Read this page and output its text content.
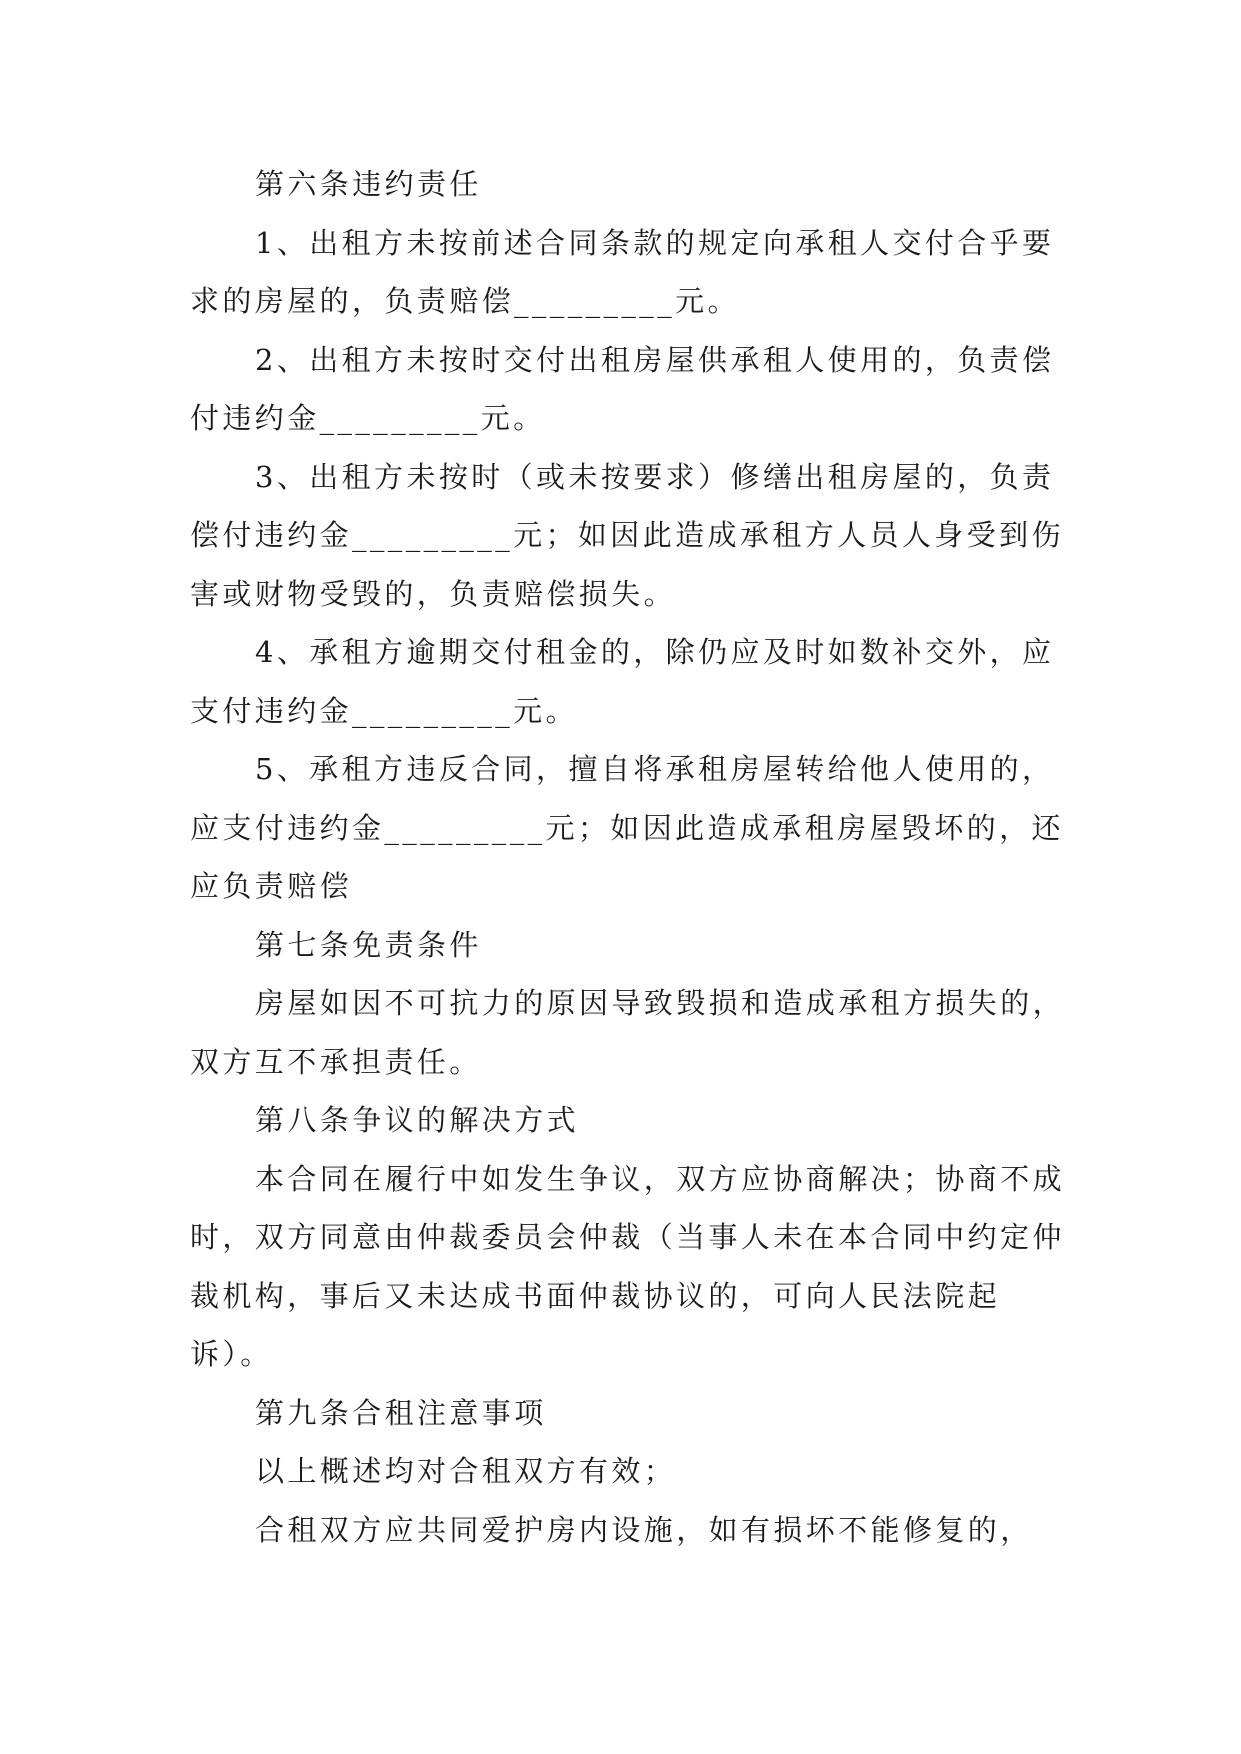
第六条违约责任

1、出租方未按前述合同条款的规定向承租人交付合乎要求的房屋的，负责赔偿_________元。

2、出租方未按时交付出租房屋供承租人使用的，负责偿付违约金_________元。

3、出租方未按时（或未按要求）修缮出租房屋的，负责偿付违约金_________元；如因此造成承租方人员人身受到伤害或财物受毁的，负责赔偿损失。

4、承租方逾期交付租金的，除仍应及时如数补交外，应支付违约金_________元。

5、承租方违反合同，擅自将承租房屋转给他人使用的，应支付违约金_________元；如因此造成承租房屋毁坏的，还应负责赔偿

第七条免责条件

房屋如因不可抗力的原因导致毁损和造成承租方损失的，双方互不承担责任。

第八条争议的解决方式

本合同在履行中如发生争议，双方应协商解决；协商不成时，双方同意由仲裁委员会仲裁（当事人未在本合同中约定仲裁机构，事后又未达成书面仲裁协议的，可向人民法院起诉）。

第九条合租注意事项

以上概述均对合租双方有效；

合租双方应共同爱护房内设施，如有损坏不能修复的，
